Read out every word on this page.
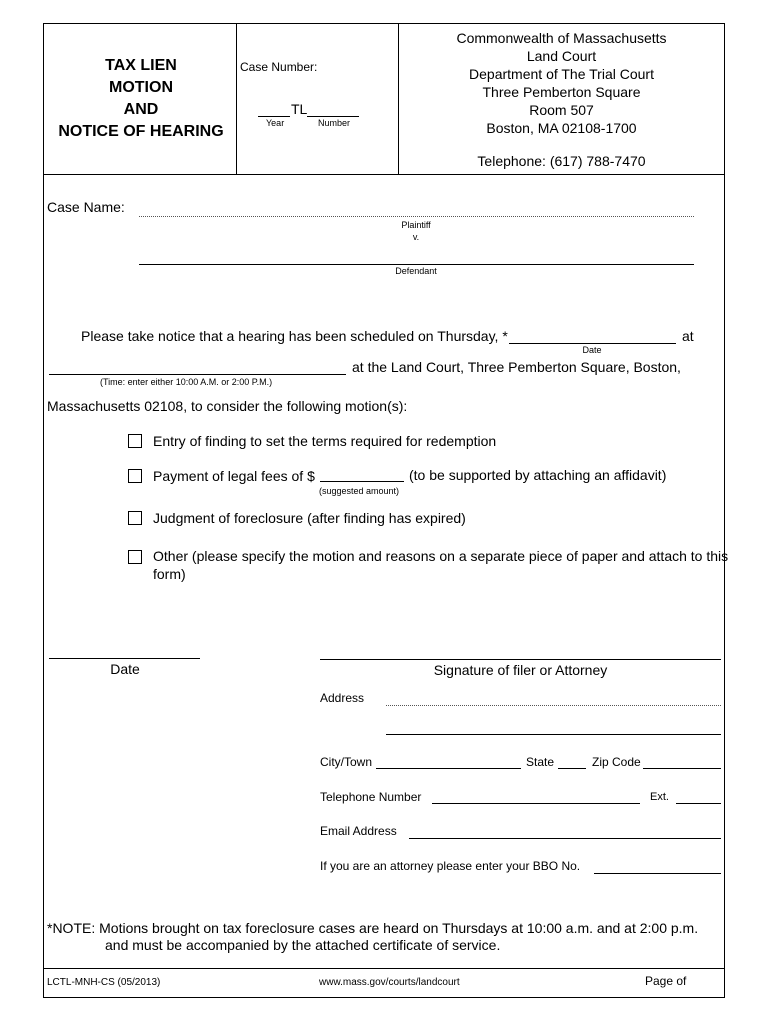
TAX LIEN
MOTION
AND
NOTICE OF HEARING
Case Number:
TL
Year	Number
Commonwealth of Massachusetts
Land Court
Department of The Trial Court
Three Pemberton Square
Room 507
Boston, MA 02108-1700
Telephone: (617) 788-7470
Case Name:
Plaintiff
v.
Defendant
Please take notice that a hearing has been scheduled on Thursday, *	at
Date
at the Land Court, Three Pemberton Square, Boston,
(Time: enter either 10:00 A.M. or 2:00 P.M.)
Massachusetts 02108, to consider the following motion(s):
Entry of finding to set the terms required for redemption
Payment of legal fees of $	(to be supported by attaching an affidavit)
(suggested amount)
Judgment of foreclosure (after finding has expired)
Other (please specify the motion and reasons on a separate piece of paper and attach to this
form)
Date	Signature of filer or Attorney
Address
City/Town	State	Zip Code
Telephone Number	Ext.
Email Address
If you are an attorney please enter your BBO No.
*NOTE: Motions brought on tax foreclosure cases are heard on Thursdays at 10:00 a.m. and at 2:00 p.m.
and must be accompanied by the attached certificate of service.
LCTL-MNH-CS (05/2013)	www.mass.gov/courts/landcourt	Page of
